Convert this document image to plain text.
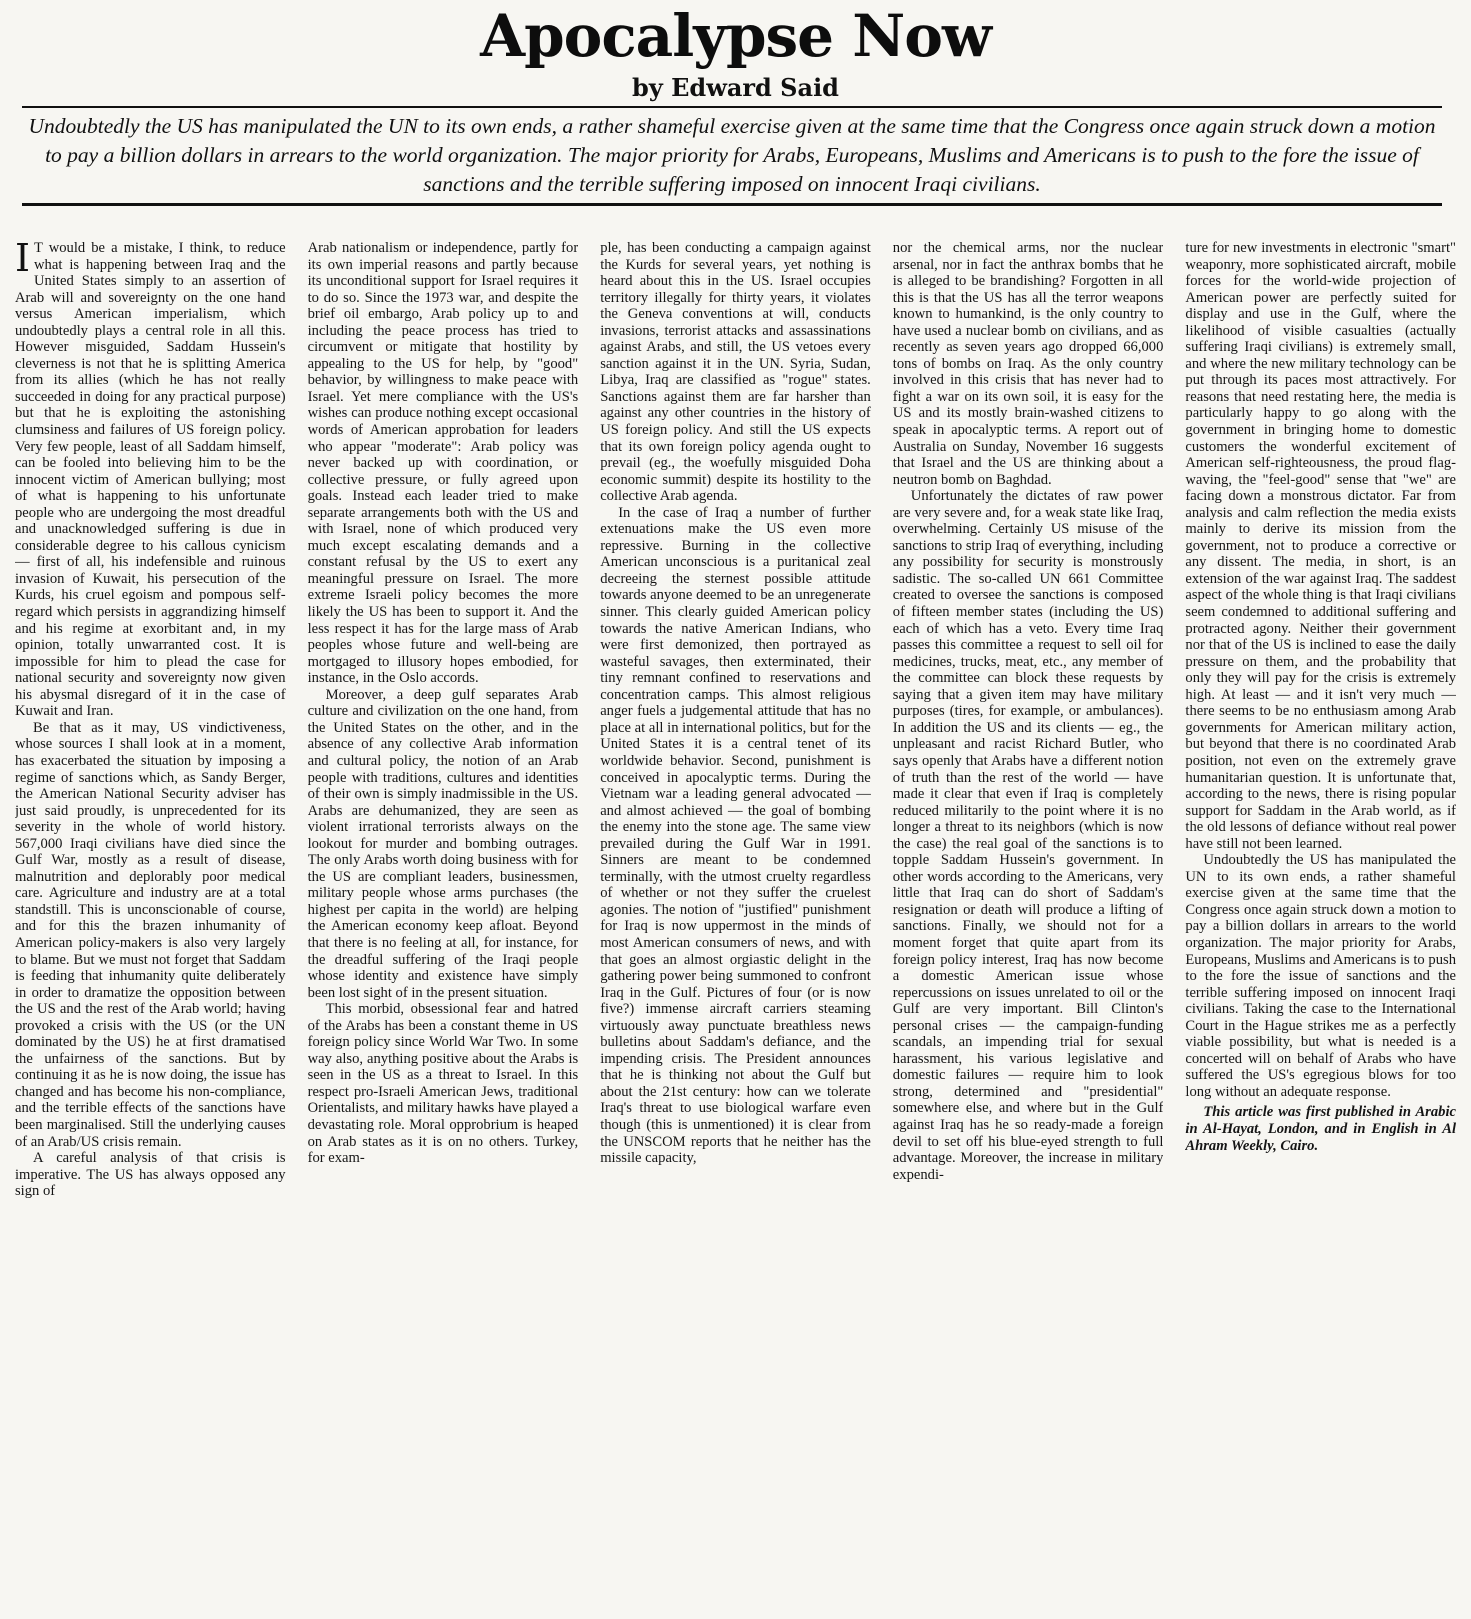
Apocalypse Now
by Edward Said
Undoubtedly the US has manipulated the UN to its own ends, a rather shameful exercise given at the same time that the Congress once again struck down a motion to pay a billion dollars in arrears to the world organization. The major priority for Arabs, Europeans, Muslims and Americans is to push to the fore the issue of sanctions and the terrible suffering imposed on innocent Iraqi civilians.

I T would be a mistake, I think, to reduce what is happening between Iraq and the United States simply to an assertion of Arab will and sovereignty on the one hand versus American imperialism, which undoubtedly plays a central role in all this. However misguided, Saddam Hussein's cleverness is not that he is splitting America from its allies (which he has not really succeeded in doing for any practical purpose) but that he is exploiting the astonishing clumsiness and failures of US foreign policy. Very few people, least of all Saddam himself, can be fooled into believing him to be the innocent victim of American bullying; most of what is happening to his unfortunate people who are undergoing the most dreadful and unacknowledged suffering is due in considerable degree to his callous cynicism — first of all, his indefensible and ruinous invasion of Kuwait, his persecution of the Kurds, his cruel egoism and pompous self-regard which persists in aggrandizing himself and his regime at exorbitant and, in my opinion, totally unwarranted cost. It is impossible for him to plead the case for national security and sovereignty now given his abysmal disregard of it in the case of Kuwait and Iran.

Be that as it may, US vindictiveness, whose sources I shall look at in a moment, has exacerbated the situation by imposing a regime of sanctions which, as Sandy Berger, the American National Security adviser has just said proudly, is unprecedented for its severity in the whole of world history. 567,000 Iraqi civilians have died since the Gulf War, mostly as a result of disease, malnutrition and deplorably poor medical care. Agriculture and industry are at a total standstill. This is unconscionable of course, and for this the brazen inhumanity of American policy-makers is also very largely to blame. But we must not forget that Saddam is feeding that inhumanity quite deliberately in order to dramatize the opposition between the US and the rest of the Arab world; having provoked a crisis with the US (or the UN dominated by the US) he at first dramatised the unfairness of the sanctions. But by continuing it as he is now doing, the issue has changed and has become his non-compliance, and the terrible effects of the sanctions have been marginalised. Still the underlying causes of an Arab/US crisis remain.

A careful analysis of that crisis is imperative. The US has always opposed any sign of

Arab nationalism or independence, partly for its own imperial reasons and partly because its unconditional support for Israel requires it to do so. Since the 1973 war, and despite the brief oil embargo, Arab policy up to and including the peace process has tried to circumvent or mitigate that hostility by appealing to the US for help, by "good" behavior, by willingness to make peace with Israel. Yet mere compliance with the US's wishes can produce nothing except occasional words of American approbation for leaders who appear "moderate": Arab policy was never backed up with coordination, or collective pressure, or fully agreed upon goals. Instead each leader tried to make separate arrangements both with the US and with Israel, none of which produced very much except escalating demands and a constant refusal by the US to exert any meaningful pressure on Israel. The more extreme Israeli policy becomes the more likely the US has been to support it. And the less respect it has for the large mass of Arab peoples whose future and well-being are mortgaged to illusory hopes embodied, for instance, in the Oslo accords.

Moreover, a deep gulf separates Arab culture and civilization on the one hand, from the United States on the other, and in the absence of any collective Arab information and cultural policy, the notion of an Arab people with traditions, cultures and identities of their own is simply inadmissible in the US. Arabs are dehumanized, they are seen as violent irrational terrorists always on the lookout for murder and bombing outrages. The only Arabs worth doing business with for the US are compliant leaders, businessmen, military people whose arms purchases (the highest per capita in the world) are helping the American economy keep afloat. Beyond that there is no feeling at all, for instance, for the dreadful suffering of the Iraqi people whose identity and existence have simply been lost sight of in the present situation.

This morbid, obsessional fear and hatred of the Arabs has been a constant theme in US foreign policy since World War Two. In some way also, anything positive about the Arabs is seen in the US as a threat to Israel. In this respect pro-Israeli American Jews, traditional Orientalists, and military hawks have played a devastating role. Moral opprobrium is heaped on Arab states as it is on no others. Turkey, for exam-

ple, has been conducting a campaign against the Kurds for several years, yet nothing is heard about this in the US. Israel occupies territory illegally for thirty years, it violates the Geneva conventions at will, conducts invasions, terrorist attacks and assassinations against Arabs, and still, the US vetoes every sanction against it in the UN. Syria, Sudan, Libya, Iraq are classified as "rogue" states. Sanctions against them are far harsher than against any other countries in the history of US foreign policy. And still the US expects that its own foreign policy agenda ought to prevail (eg., the woefully misguided Doha economic summit) despite its hostility to the collective Arab agenda.

In the case of Iraq a number of further extenuations make the US even more repressive. Burning in the collective American unconscious is a puritanical zeal decreeing the sternest possible attitude towards anyone deemed to be an unregenerate sinner. This clearly guided American policy towards the native American Indians, who were first demonized, then portrayed as wasteful savages, then exterminated, their tiny remnant confined to reservations and concentration camps. This almost religious anger fuels a judgemental attitude that has no place at all in international politics, but for the United States it is a central tenet of its worldwide behavior. Second, punishment is conceived in apocalyptic terms. During the Vietnam war a leading general advocated — and almost achieved — the goal of bombing the enemy into the stone age. The same view prevailed during the Gulf War in 1991. Sinners are meant to be condemned terminally, with the utmost cruelty regardless of whether or not they suffer the cruelest agonies. The notion of "justified" punishment for Iraq is now uppermost in the minds of most American consumers of news, and with that goes an almost orgiastic delight in the gathering power being summoned to confront Iraq in the Gulf. Pictures of four (or is now five?) immense aircraft carriers steaming virtuously away punctuate breathless news bulletins about Saddam's defiance, and the impending crisis. The President announces that he is thinking not about the Gulf but about the 21st century: how can we tolerate Iraq's threat to use biological warfare even though (this is unmentioned) it is clear from the UNSCOM reports that he neither has the missile capacity,

nor the chemical arms, nor the nuclear arsenal, nor in fact the anthrax bombs that he is alleged to be brandishing? Forgotten in all this is that the US has all the terror weapons known to humankind, is the only country to have used a nuclear bomb on civilians, and as recently as seven years ago dropped 66,000 tons of bombs on Iraq. As the only country involved in this crisis that has never had to fight a war on its own soil, it is easy for the US and its mostly brain-washed citizens to speak in apocalyptic terms. A report out of Australia on Sunday, November 16 suggests that Israel and the US are thinking about a neutron bomb on Baghdad.

Unfortunately the dictates of raw power are very severe and, for a weak state like Iraq, overwhelming. Certainly US misuse of the sanctions to strip Iraq of everything, including any possibility for security is monstrously sadistic. The so-called UN 661 Committee created to oversee the sanctions is composed of fifteen member states (including the US) each of which has a veto. Every time Iraq passes this committee a request to sell oil for medicines, trucks, meat, etc., any member of the committee can block these requests by saying that a given item may have military purposes (tires, for example, or ambulances). In addition the US and its clients — eg., the unpleasant and racist Richard Butler, who says openly that Arabs have a different notion of truth than the rest of the world — have made it clear that even if Iraq is completely reduced militarily to the point where it is no longer a threat to its neighbors (which is now the case) the real goal of the sanctions is to topple Saddam Hussein's government. In other words according to the Americans, very little that Iraq can do short of Saddam's resignation or death will produce a lifting of sanctions. Finally, we should not for a moment forget that quite apart from its foreign policy interest, Iraq has now become a domestic American issue whose repercussions on issues unrelated to oil or the Gulf are very important. Bill Clinton's personal crises — the campaign-funding scandals, an impending trial for sexual harassment, his various legislative and domestic failures — require him to look strong, determined and "presidential" somewhere else, and where but in the Gulf against Iraq has he so ready-made a foreign devil to set off his blue-eyed strength to full advantage. Moreover, the increase in military expendi-

ture for new investments in electronic "smart" weaponry, more sophisticated aircraft, mobile forces for the world-wide projection of American power are perfectly suited for display and use in the Gulf, where the likelihood of visible casualties (actually suffering Iraqi civilians) is extremely small, and where the new military technology can be put through its paces most attractively. For reasons that need restating here, the media is particularly happy to go along with the government in bringing home to domestic customers the wonderful excitement of American self-righteousness, the proud flag-waving, the "feel-good" sense that "we" are facing down a monstrous dictator. Far from analysis and calm reflection the media exists mainly to derive its mission from the government, not to produce a corrective or any dissent. The media, in short, is an extension of the war against Iraq. The saddest aspect of the whole thing is that Iraqi civilians seem condemned to additional suffering and protracted agony. Neither their government nor that of the US is inclined to ease the daily pressure on them, and the probability that only they will pay for the crisis is extremely high. At least — and it isn't very much — there seems to be no enthusiasm among Arab governments for American military action, but beyond that there is no coordinated Arab position, not even on the extremely grave humanitarian question. It is unfortunate that, according to the news, there is rising popular support for Saddam in the Arab world, as if the old lessons of defiance without real power have still not been learned.

Undoubtedly the US has manipulated the UN to its own ends, a rather shameful exercise given at the same time that the Congress once again struck down a motion to pay a billion dollars in arrears to the world organization. The major priority for Arabs, Europeans, Muslims and Americans is to push to the fore the issue of sanctions and the terrible suffering imposed on innocent Iraqi civilians. Taking the case to the International Court in the Hague strikes me as a perfectly viable possibility, but what is needed is a concerted will on behalf of Arabs who have suffered the US's egregious blows for too long without an adequate response.

This article was first published in Arabic in Al-Hayat, London, and in English in Al Ahram Weekly, Cairo.
